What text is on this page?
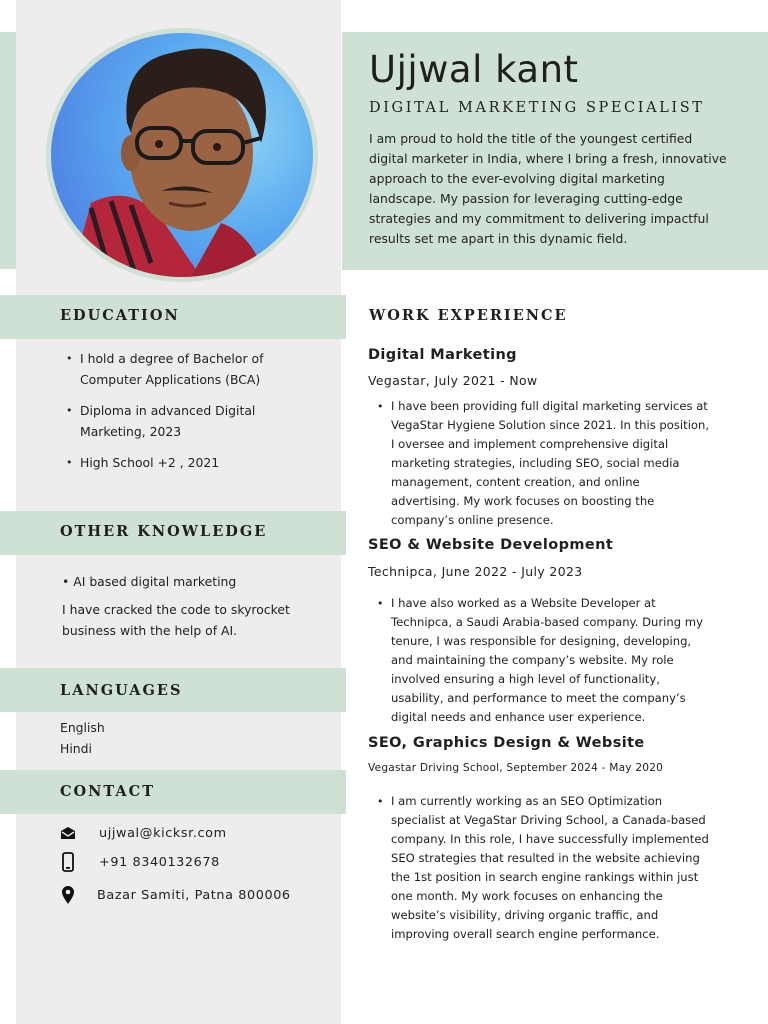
Ujjwal kant
DIGITAL MARKETING SPECIALIST
I am proud to hold the title of the youngest certified digital marketer in India, where I bring a fresh, innovative approach to the ever-evolving digital marketing landscape. My passion for leveraging cutting-edge strategies and my commitment to delivering impactful results set me apart in this dynamic field.
EDUCATION
• I hold a degree of Bachelor of Computer Applications (BCA)
• Diploma in advanced Digital Marketing, 2023
• High School +2 , 2021
OTHER KNOWLEDGE
• AI based digital marketing
I have cracked the code to skyrocket business with the help of AI.
LANGUAGES
English
Hindi
CONTACT
ujjwal@kicksr.com
+91 8340132678
Bazar Samiti, Patna 800006
WORK EXPERIENCE
Digital Marketing
Vegastar, July 2021 - Now
• I have been providing full digital marketing services at VegaStar Hygiene Solution since 2021. In this position, I oversee and implement comprehensive digital marketing strategies, including SEO, social media management, content creation, and online advertising. My work focuses on boosting the company’s online presence.
SEO & Website Development
Technipca, June 2022 - July 2023
• I have also worked as a Website Developer at Technipca, a Saudi Arabia-based company. During my tenure, I was responsible for designing, developing, and maintaining the company’s website. My role involved ensuring a high level of functionality, usability, and performance to meet the company’s digital needs and enhance user experience.
SEO, Graphics Design & Website
Vegastar Driving School, September 2024 - May 2020
• I am currently working as an SEO Optimization specialist at VegaStar Driving School, a Canada-based company. In this role, I have successfully implemented SEO strategies that resulted in the website achieving the 1st position in search engine rankings within just one month. My work focuses on enhancing the website’s visibility, driving organic traffic, and improving overall search engine performance.
